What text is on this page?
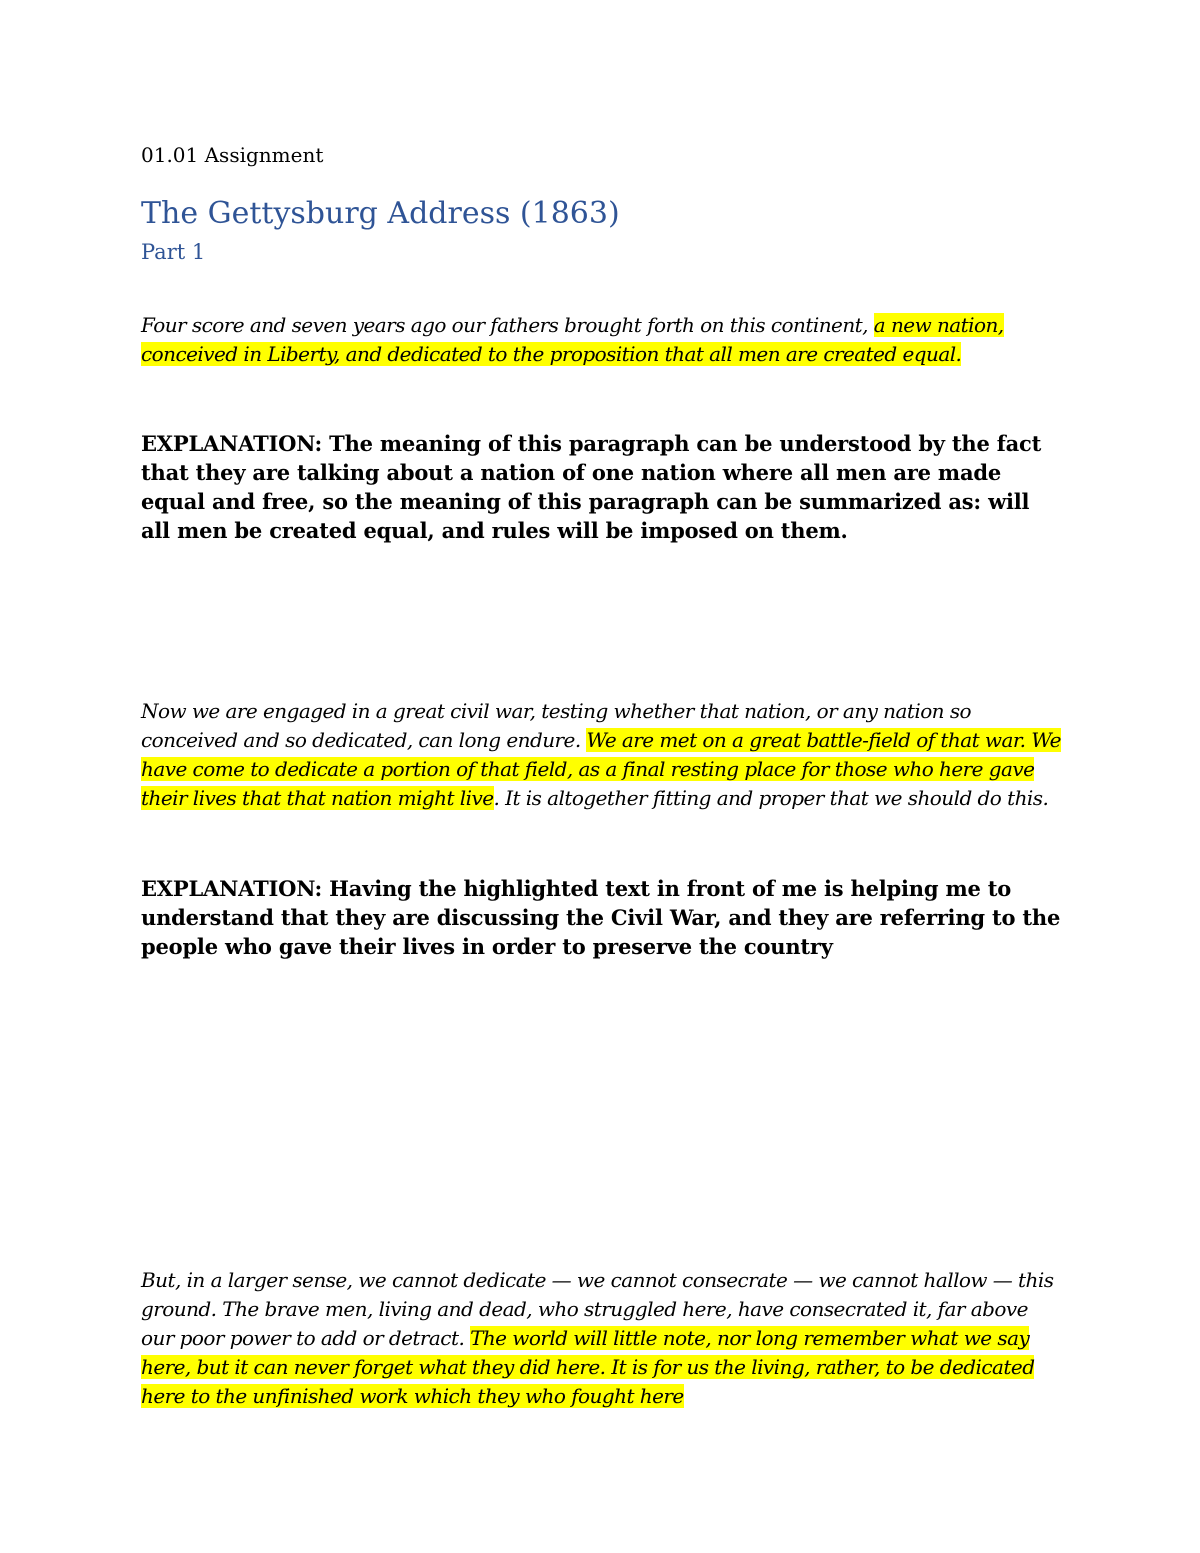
01.01 Assignment
The Gettysburg Address (1863)
Part 1

Four score and seven years ago our fathers brought forth on this continent, a new nation, conceived in Liberty, and dedicated to the proposition that all men are created equal.

EXPLANATION: The meaning of this paragraph can be understood by the fact that they are talking about a nation of one nation where all men are made equal and free, so the meaning of this paragraph can be summarized as: will all men be created equal, and rules will be imposed on them.

Now we are engaged in a great civil war, testing whether that nation, or any nation so conceived and so dedicated, can long endure. We are met on a great battle-field of that war. We have come to dedicate a portion of that field, as a final resting place for those who here gave their lives that that nation might live. It is altogether fitting and proper that we should do this.

EXPLANATION: Having the highlighted text in front of me is helping me to understand that they are discussing the Civil War, and they are referring to the people who gave their lives in order to preserve the country

But, in a larger sense, we cannot dedicate — we cannot consecrate — we cannot hallow — this ground. The brave men, living and dead, who struggled here, have consecrated it, far above our poor power to add or detract. The world will little note, nor long remember what we say here, but it can never forget what they did here. It is for us the living, rather, to be dedicated here to the unfinished work which they who fought here
